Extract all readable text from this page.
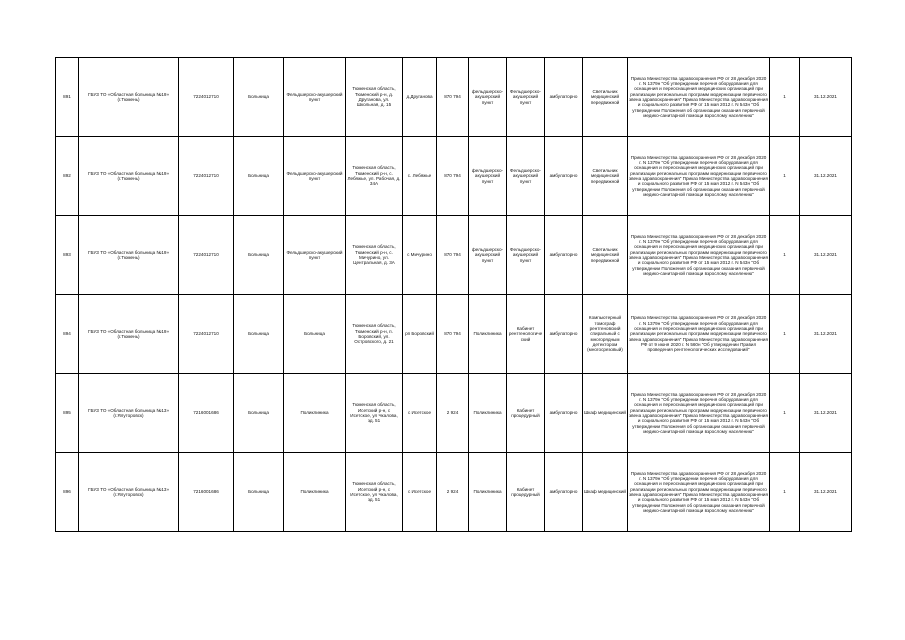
891	ГБУЗ ТО «Областная больница №19» (г.Тюмень)	7224012710	Больница	Фельдшерско-акушерский пункт	Тюменская область, Тюменский р-н, д. Друганова, ул. Школьная, д. 15	д.Друганова	870 794	фельдшерско-акушерский пункт	Фельдшерско-акушерский пункт	амбулаторно	Светильник медицинский передвижной	Приказ Министерства здравоохранения РФ от 28 декабря 2020 г. N 1379н "Об утверждении перечня оборудования для оснащения и переоснащения медицинских организаций при реализации региональных программ модернизации первичного звена здравоохранения" Приказ Министерства здравоохранения и социального развития РФ от 15 мая 2012 г. N 543н "Об утверждении Положения об организации оказания первичной медико-санитарной помощи взрослому населению"	1	31.12.2021
892	ГБУЗ ТО «Областная больница №19» (г.Тюмень)	7224012710	Больница	Фельдшерско-акушерский пункт	Тюменская область, Тюменский р-н, с. Лебяжье, ул. Рабочая, д. 34А	с. Лебяжье	870 794	фельдшерско-акушерский пункт	Фельдшерско-акушерский пункт	амбулаторно	Светильник медицинский передвижной	Приказ Министерства здравоохранения РФ от 28 декабря 2020 г. N 1379н "Об утверждении перечня оборудования для оснащения и переоснащения медицинских организаций при реализации региональных программ модернизации первичного звена здравоохранения" Приказ Министерства здравоохранения и социального развития РФ от 15 мая 2012 г. N 543н "Об утверждении Положения об организации оказания первичной медико-санитарной помощи взрослому населению"	1	31.12.2021
893	ГБУЗ ТО «Областная больница №19» (г.Тюмень)	7224012710	Больница	Фельдшерско-акушерский пункт	Тюменская область, Тюменский р-н, с. Мичурино, ул. Центральная, д. 3А	с Мичурино	870 794	фельдшерско-акушерский пункт	Фельдшерско-акушерский пункт	амбулаторно	Светильник медицинский передвижной	Приказ Министерства здравоохранения РФ от 28 декабря 2020 г. N 1379н "Об утверждении перечня оборудования для оснащения и переоснащения медицинских организаций при реализации региональных программ модернизации первичного звена здравоохранения" Приказ Министерства здравоохранения и социального развития РФ от 15 мая 2012 г. N 543н "Об утверждении Положения об организации оказания первичной медико-санитарной помощи взрослому населению"	1	31.12.2021
894	ГБУЗ ТО «Областная больница №19» (г.Тюмень)	7224012710	Больница	Больница	Тюменская область, Тюменский р-н, п. Боровский, ул. Островского, д. 21	рп Боровский	870 794	Поликлиника	Кабинет рентгенологический	амбулаторно	Компьютерный томограф рентгеновский спиральный с многорядным детектором (многосрезовый)	Приказ Министерства здравоохранения РФ от 28 декабря 2020 г. N 1379н "Об утверждении перечня оборудования для оснащения и переоснащения медицинских организаций при реализации региональных программ модернизации первичного звена здравоохранения" Приказ Министерства здравоохранения РФ от 9 июня 2020 г. N 560н "Об утверждении Правил проведения рентгенологических исследований"	1	31.12.2021
895	ГБУЗ ТО «Областная больница №13» (г.Ялуторовск)	7216001686	Больница	Поликлиника	Тюменская область, Исетский р-н, с Исетское, ул Чкалова, зд. 51	с Исетское	2 924	Поликлиника	Кабинет процедурный	амбулаторно	Шкаф медицинский	Приказ Министерства здравоохранения РФ от 28 декабря 2020 г. N 1379н "Об утверждении перечня оборудования для оснащения и переоснащения медицинских организаций при реализации региональных программ модернизации первичного звена здравоохранения" Приказ Министерства здравоохранения и социального развития РФ от 15 мая 2012 г. N 543н "Об утверждении Положения об организации оказания первичной медико-санитарной помощи взрослому населению"	1	31.12.2021
896	ГБУЗ ТО «Областная больница №13» (г.Ялуторовск)	7216001686	Больница	Поликлиника	Тюменская область, Исетский р-н, с Исетское, ул Чкалова, зд. 51	с Исетское	2 924	Поликлиника	Кабинет процедурный	амбулаторно	Шкаф медицинский	Приказ Министерства здравоохранения РФ от 28 декабря 2020 г. N 1379н "Об утверждении перечня оборудования для оснащения и переоснащения медицинских организаций при реализации региональных программ модернизации первичного звена здравоохранения" Приказ Министерства здравоохранения и социального развития РФ от 15 мая 2012 г. N 543н "Об утверждении Положения об организации оказания первичной медико-санитарной помощи взрослому населению"	1	31.12.2021
